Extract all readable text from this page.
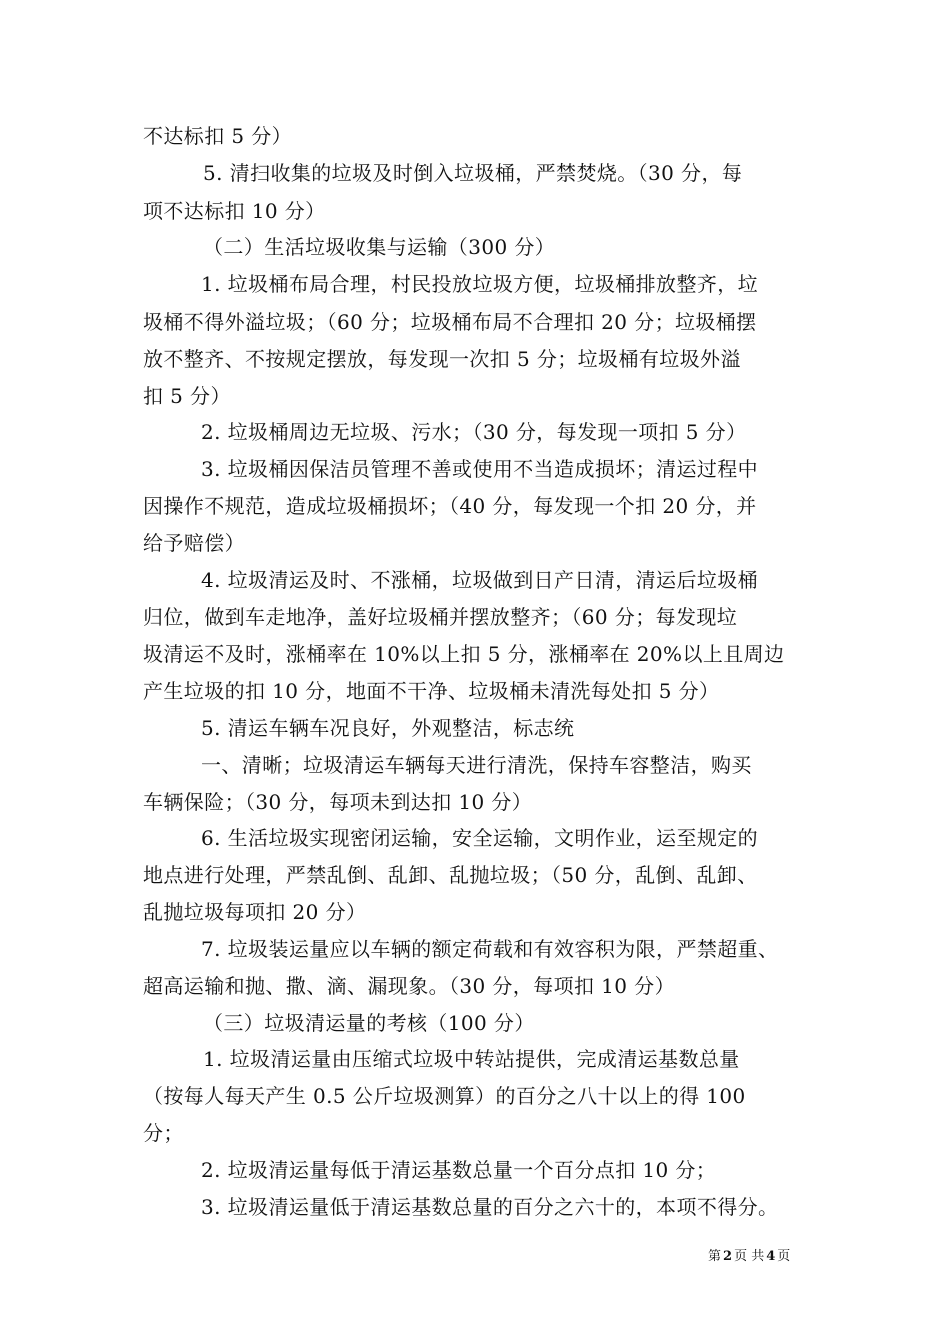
不达标扣 5 分）
5. 清扫收集的垃圾及时倒入垃圾桶，严禁焚烧。（30 分，每
项不达标扣 10 分）
（二）生活垃圾收集与运输（300 分）
1. 垃圾桶布局合理，村民投放垃圾方便，垃圾桶排放整齐，垃
圾桶不得外溢垃圾；（60 分；垃圾桶布局不合理扣 20 分；垃圾桶摆
放不整齐、不按规定摆放，每发现一次扣 5 分；垃圾桶有垃圾外溢
扣 5 分）
2. 垃圾桶周边无垃圾、污水；（30 分，每发现一项扣 5 分）
3. 垃圾桶因保洁员管理不善或使用不当造成损坏；清运过程中
因操作不规范，造成垃圾桶损坏；（40 分，每发现一个扣 20 分，并
给予赔偿）
4. 垃圾清运及时、不涨桶，垃圾做到日产日清，清运后垃圾桶
归位，做到车走地净，盖好垃圾桶并摆放整齐；（60 分；每发现垃
圾清运不及时，涨桶率在 10%以上扣 5 分，涨桶率在 20%以上且周边
产生垃圾的扣 10 分，地面不干净、垃圾桶未清洗每处扣 5 分）
5. 清运车辆车况良好，外观整洁，标志统
一、清晰；垃圾清运车辆每天进行清洗，保持车容整洁，购买
车辆保险；（30 分，每项未到达扣 10 分）
6. 生活垃圾实现密闭运输，安全运输，文明作业，运至规定的
地点进行处理，严禁乱倒、乱卸、乱抛垃圾；（50 分，乱倒、乱卸、
乱抛垃圾每项扣 20 分）
7. 垃圾装运量应以车辆的额定荷载和有效容积为限，严禁超重、
超高运输和抛、撒、滴、漏现象。（30 分，每项扣 10 分）
（三）垃圾清运量的考核（100 分）
1. 垃圾清运量由压缩式垃圾中转站提供，完成清运基数总量
（按每人每天产生 0.5 公斤垃圾测算）的百分之八十以上的得 100
分；
2. 垃圾清运量每低于清运基数总量一个百分点扣 10 分；
3. 垃圾清运量低于清运基数总量的百分之六十的，本项不得分。
第 2 页 共 4 页
